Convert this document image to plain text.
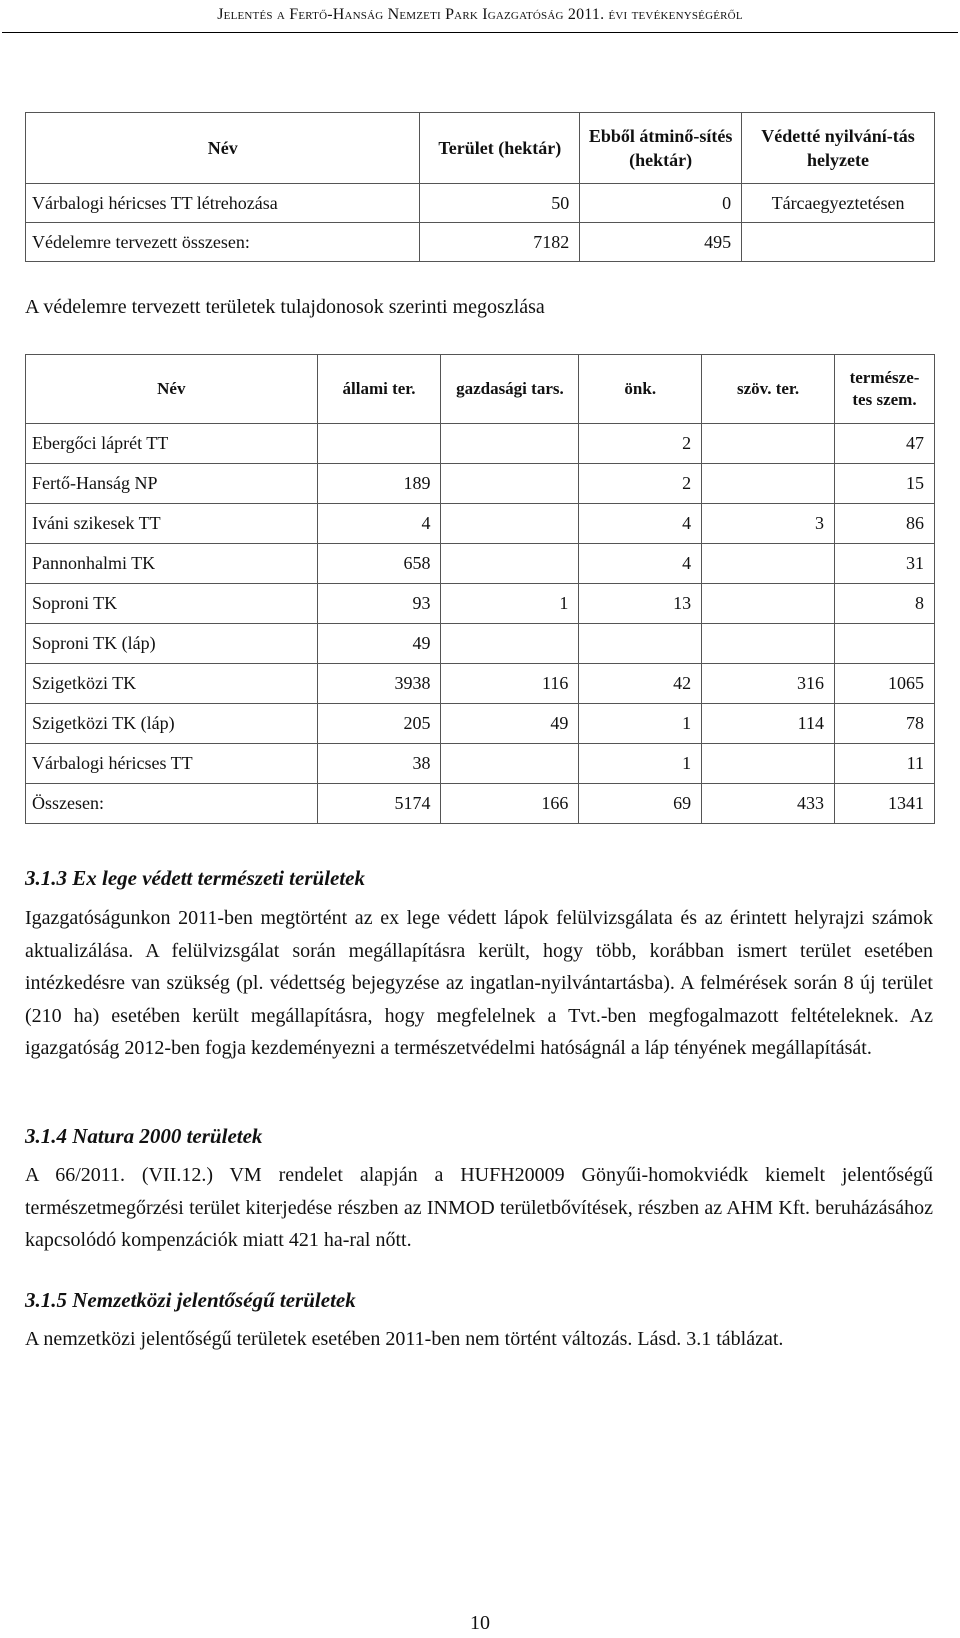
Jelentés a Fertő-Hanság Nemzeti Park Igazgatóság 2011. évi tevékenységéről
Név	Terület (hektár)	Ebből átminő-sítés (hektár)	Védetté nyilvání-tás helyzete
Várbalogi héricses TT létrehozása	50	0	Tárcaegyeztetésen
Védelemre tervezett összesen:	7182	495	
A védelemre tervezett területek tulajdonosok szerinti megoszlása
Név	állami ter.	gazdasági tars.	önk.	szöv. ter.	természe-tes szem.
Ebergőci láprét TT			2		47
Fertő-Hanság NP	189		2		15
Iváni szikesek TT	4		4	3	86
Pannonhalmi TK	658		4		31
Soproni TK	93	1	13		8
Soproni TK (láp)	49				
Szigetközi TK	3938	116	42	316	1065
Szigetközi TK (láp)	205	49	1	114	78
Várbalogi héricses TT	38		1		11
Összesen:	5174	166	69	433	1341
3.1.3 Ex lege védett természeti területek

Igazgatóságunkon 2011-ben megtörtént az ex lege védett lápok felülvizsgálata és az érintett helyrajzi számok aktualizálása. A felülvizsgálat során megállapításra került, hogy több, korábban ismert terület esetében intézkedésre van szükség (pl. védettség bejegyzése az ingatlan-nyilvántartásba). A felmérések során 8 új terület (210 ha) esetében került megállapításra, hogy megfelelnek a Tvt.-ben megfogalmazott feltételeknek. Az igazgatóság 2012-ben fogja kezdeményezni a természetvédelmi hatóságnál a láp tényének megállapítását.

3.1.4 Natura 2000 területek

A 66/2011. (VII.12.) VM rendelet alapján a HUFH20009 Gönyűi-homokviédk kiemelt jelentőségű természetmegőrzési terület kiterjedése részben az INMOD területbővítések, részben az AHM Kft. beruházásához kapcsolódó kompenzációk miatt 421 ha-ral nőtt.

3.1.5 Nemzetközi jelentőségű területek

A nemzetközi jelentőségű területek esetében 2011-ben nem történt változás. Lásd. 3.1 táblázat.

10
